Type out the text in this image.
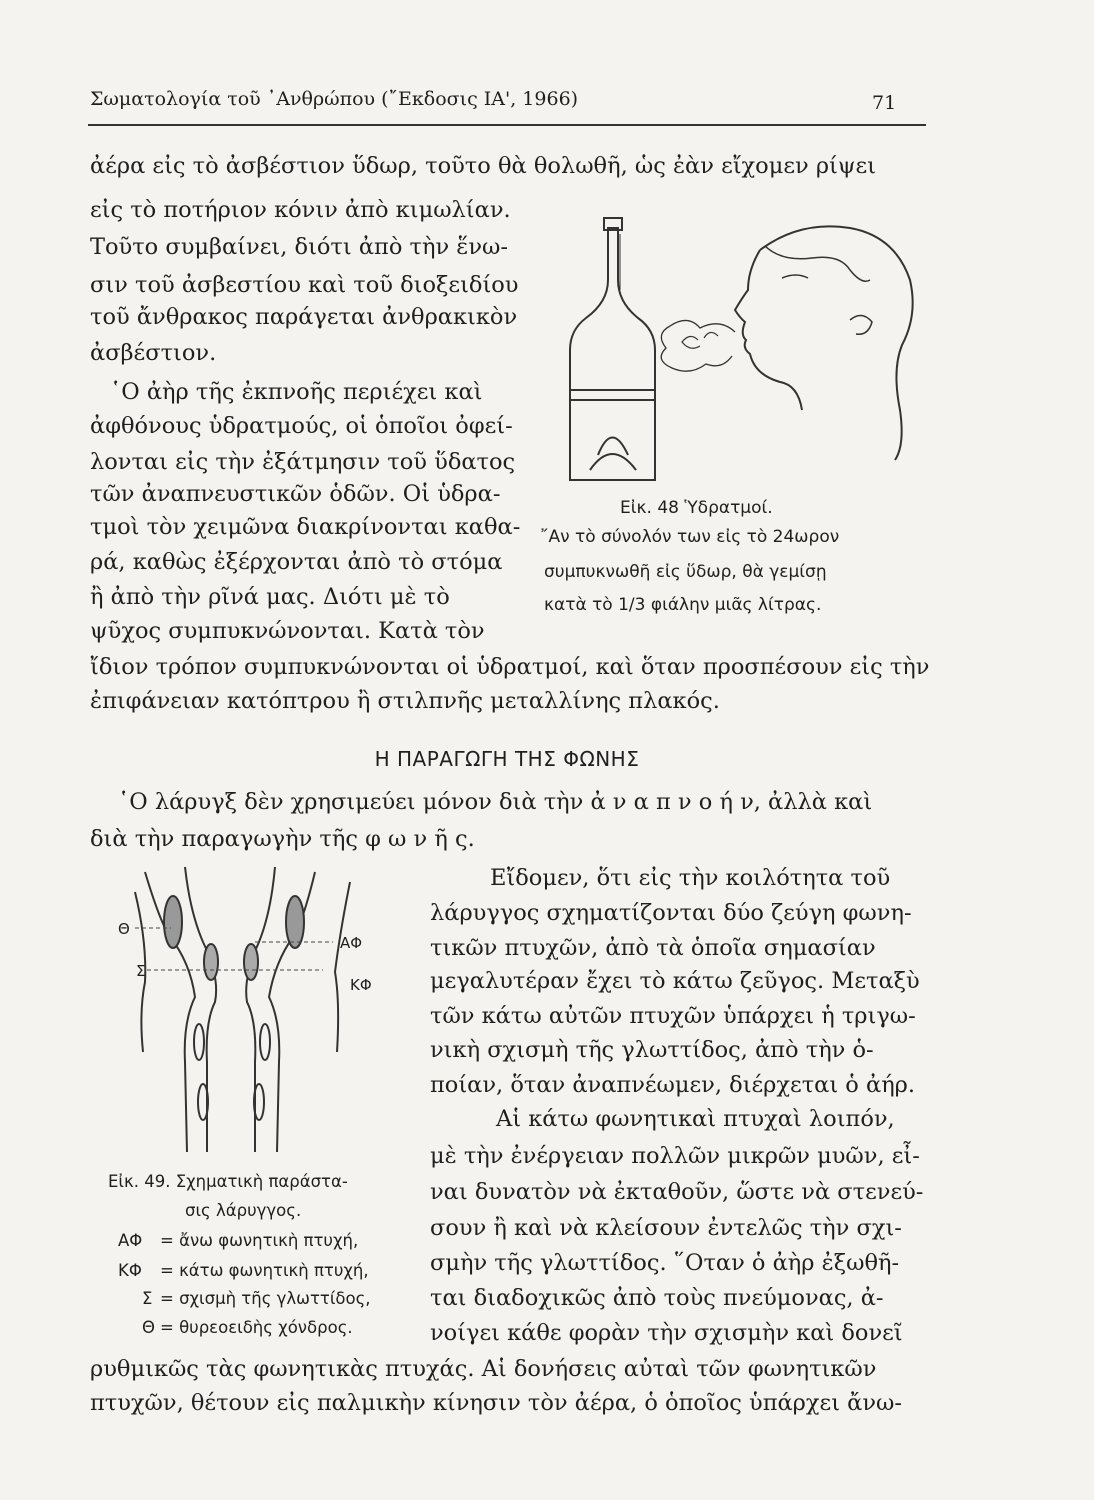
Σωματολογία τοῦ ᾿Ανθρώπου (῎Εκδοσις ΙΑ', 1966)	71
ἀέρα εἰς τὸ ἀσβέστιον ὕδωρ, τοῦτο θὰ θολωθῆ, ὡς ἐὰν εἴχομεν ρίψει
εἰς τὸ ποτήριον κόνιν ἀπὸ κιμωλίαν.
Τοῦτο συμβαίνει, διότι ἀπὸ τὴν ἕνω-
σιν τοῦ ἀσβεστίου καὶ τοῦ διοξειδίου
τοῦ ἄνθρακος παράγεται ἀνθρακικὸν
ἀσβέστιον.
῾Ο ἀὴρ τῆς ἐκπνοῆς περιέχει καὶ
ἀφθόνους ὑδρατμούς, οἱ ὁποῖοι ὀφεί-
λονται εἰς τὴν ἐξάτμησιν τοῦ ὕδατος
τῶν ἀναπνευστικῶν ὁδῶν. Οἱ ὑδρα-
τμοὶ τὸν χειμῶνα διακρίνονται καθα-
ρά, καθὼς ἐξέρχονται ἀπὸ τὸ στόμα
ἢ ἀπὸ τὴν ρῖνά μας. Διότι μὲ τὸ
ψῦχος συμπυκνώνονται. Κατὰ τὸν
ἴδιον τρόπον συμπυκνώνονται οἱ ὑδρατμοί, καὶ ὅταν προσπέσουν εἰς τὴν
ἐπιφάνειαν κατόπτρου ἢ στιλπνῆς μεταλλίνης πλακός.
Εἰκ. 48 Ὑδρατμοί.
῎Αν τὸ σύνολόν των εἰς τὸ 24ωρον
συμπυκνωθῆ εἰς ὕδωρ, θὰ γεμίσῃ
κατὰ τὸ 1/3 φιάλην μιᾶς λίτρας.
Η ΠΑΡΑΓΩΓΗ ΤΗΣ ΦΩΝΗΣ
῾Ο λάρυγξ δὲν χρησιμεύει μόνον διὰ τὴν ἀ ν α π ν ο ή ν, ἀλλὰ καὶ
διὰ τὴν παραγωγὴν τῆς φ ω ν ῆ ς.
Θ
Σ
ΑΦ
ΚΦ
Εἰκ. 49. Σχηματικὴ παράστα-
σις λάρυγγος.
ΑΦ = ἄνω φωνητικὴ πτυχή,
ΚΦ = κάτω φωνητικὴ πτυχή,
Σ = σχισμὴ τῆς γλωττίδος,
Θ = θυρεοειδὴς χόνδρος.
Εἴδομεν, ὅτι εἰς τὴν κοιλότητα τοῦ
λάρυγγος σχηματίζονται δύο ζεύγη φωνη-
τικῶν πτυχῶν, ἀπὸ τὰ ὁποῖα σημασίαν
μεγαλυτέραν ἔχει τὸ κάτω ζεῦγος. Μεταξὺ
τῶν κάτω αὐτῶν πτυχῶν ὑπάρχει ἡ τριγω-
νικὴ σχισμὴ τῆς γλωττίδος, ἀπὸ τὴν ὁ-
ποίαν, ὅταν ἀναπνέωμεν, διέρχεται ὁ ἀήρ.
Αἱ κάτω φωνητικαὶ πτυχαὶ λοιπόν,
μὲ τὴν ἐνέργειαν πολλῶν μικρῶν μυῶν, εἶ-
ναι δυνατὸν νὰ ἐκταθοῦν, ὥστε νὰ στενεύ-
σουν ἢ καὶ νὰ κλείσουν ἐντελῶς τὴν σχι-
σμὴν τῆς γλωττίδος. ῞Οταν ὁ ἀὴρ ἐξωθῆ-
ται διαδοχικῶς ἀπὸ τοὺς πνεύμονας, ἀ-
νοίγει κάθε φορὰν τὴν σχισμὴν καὶ δονεῖ
ρυθμικῶς τὰς φωνητικὰς πτυχάς. Αἱ δονήσεις αὐταὶ τῶν φωνητικῶν
πτυχῶν, θέτουν εἰς παλμικὴν κίνησιν τὸν ἀέρα, ὁ ὁποῖος ὑπάρχει ἄνω-
